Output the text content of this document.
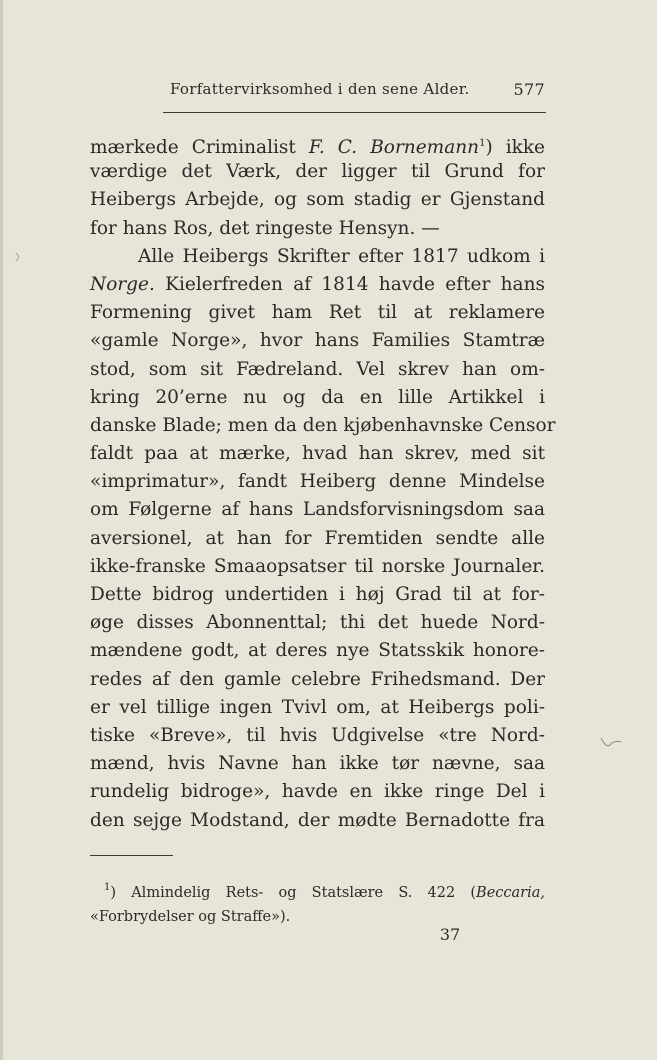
Forfattervirksomhed i den sene Alder.	577
mærkede Criminalist F. C. Bornemann$^1$) ikke
værdige det Værk, der ligger til Grund for
Heibergs Arbejde, og som stadig er Gjenstand
for hans Ros, det ringeste Hensyn. —
Alle Heibergs Skrifter efter 1817 udkom i
Norge. Kielerfreden af 1814 havde efter hans
Formening givet ham Ret til at reklamere
«gamle Norge», hvor hans Families Stamtræ
stod, som sit Fædreland. Vel skrev han om-
kring 20’erne nu og da en lille Artikkel i
danske Blade; men da den kjøbenhavnske Censor
faldt paa at mærke, hvad han skrev, med sit
«imprimatur», fandt Heiberg denne Mindelse
om Følgerne af hans Landsforvisningsdom saa
aversionel, at han for Fremtiden sendte alle
ikke-franske Smaaopsatser til norske Journaler.
Dette bidrog undertiden i høj Grad til at for-
øge disses Abonnenttal; thi det huede Nord-
mændene godt, at deres nye Statsskik honore-
redes af den gamle celebre Frihedsmand. Der
er vel tillige ingen Tvivl om, at Heibergs poli-
tiske «Breve», til hvis Udgivelse «tre Nord-
mænd, hvis Navne han ikke tør nævne, saa
rundelig bidroge», havde en ikke ringe Del i
den sejge Modstand, der mødte Bernadotte fra
$^1$) Almindelig Rets- og Statslære S. 422 (Beccaria,
«Forbrydelser og Straffe»).
37
